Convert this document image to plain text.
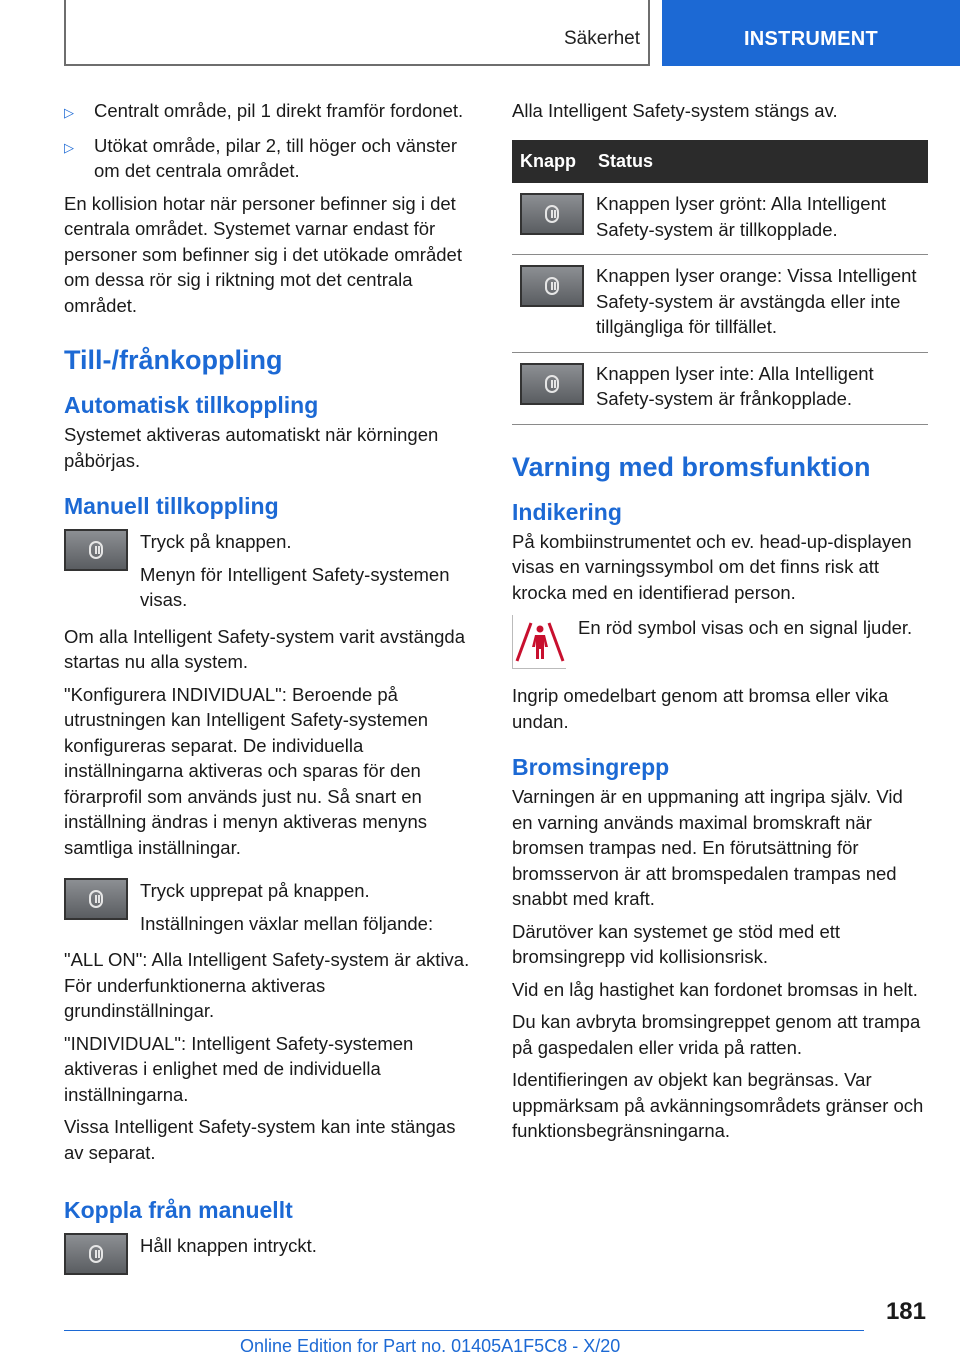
Säkerhet	INSTRUMENT
▷	Centralt område, pil 1 direkt framför fordonet.
▷	Utökat område, pilar 2, till höger och vänster om det centrala området.

En kollision hotar när personer befinner sig i det centrala området. Systemet varnar endast för personer som befinner sig i det utökade området om dessa rör sig i riktning mot det centrala området.

Till-/frånkoppling
Automatisk tillkoppling

Systemet aktiveras automatiskt när körningen påbörjas.

Manuell tillkoppling

Tryck på knappen.

Menyn för Intelligent Safety-systemen visas.

Om alla Intelligent Safety-system varit avstängda startas nu alla system.

"Konfigurera INDIVIDUAL": Beroende på utrustningen kan Intelligent Safety-systemen konfigureras separat. De individuella inställningarna aktiveras och sparas för den förarprofil som används just nu. Så snart en inställning ändras i menyn aktiveras menyns samtliga inställningar.

Tryck upprepat på knappen.

Inställningen växlar mellan följande:

"ALL ON": Alla Intelligent Safety-system är aktiva. För underfunktionerna aktiveras grundinställningar.

"INDIVIDUAL": Intelligent Safety-systemen aktiveras i enlighet med de individuella inställningarna.

Vissa Intelligent Safety-system kan inte stängas av separat.

Koppla från manuellt

Håll knappen intryckt.

Alla Intelligent Safety-system stängs av.

Knapp	Status

	Knappen lyser grönt: Alla Intelligent Safety-system är tillkopplade.

	Knappen lyser orange: Vissa Intelligent Safety-system är avstängda eller inte tillgängliga för tillfället.

	Knappen lyser inte: Alla Intelligent Safety-system är frånkopplade.
Varning med bromsfunktion
Indikering

På kombiinstrumentet och ev. head-up-displayen visas en varningssymbol om det finns risk att krocka med en identifierad person.

En röd symbol visas och en signal ljuder.

Ingrip omedelbart genom att bromsa eller vika undan.

Bromsingrepp

Varningen är en uppmaning att ingripa själv. Vid en varning används maximal bromskraft när bromsen trampas ned. En förutsättning för bromsservon är att bromspedalen trampas ned snabbt med kraft.

Därutöver kan systemet ge stöd med ett bromsingrepp vid kollisionsrisk.

Vid en låg hastighet kan fordonet bromsas in helt.

Du kan avbryta bromsingreppet genom att trampa på gaspedalen eller vrida på ratten.

Identifieringen av objekt kan begränsas. Var uppmärksam på avkänningsområdets gränser och funktionsbegränsningarna.

181
Online Edition for Part no. 01405A1F5C8 - X/20
